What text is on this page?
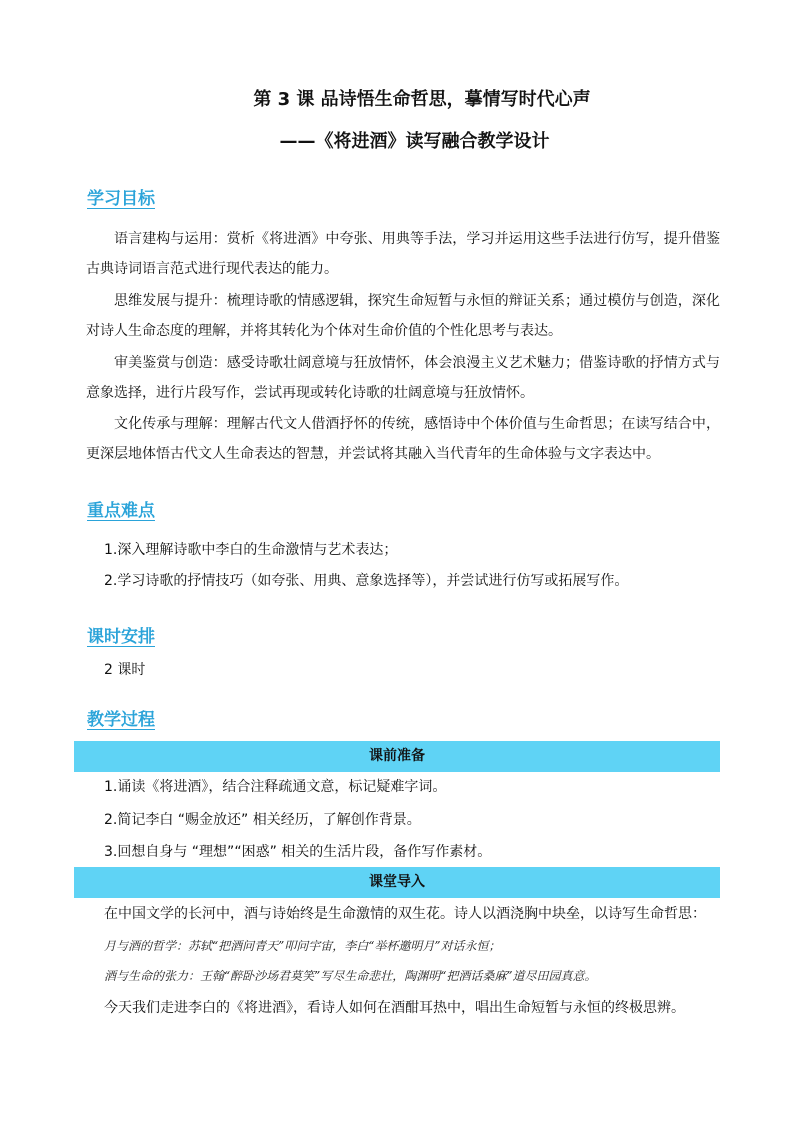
第 3 课 品诗悟生命哲思，摹情写时代心声
——《将进酒》读写融合教学设计
学习目标
语言建构与运用：赏析《将进酒》中夸张、用典等手法，学习并运用这些手法进行仿写，提升借鉴古典诗词语言范式进行现代表达的能力。
思维发展与提升：梳理诗歌的情感逻辑，探究生命短暂与永恒的辩证关系；通过模仿与创造，深化对诗人生命态度的理解，并将其转化为个体对生命价值的个性化思考与表达。
审美鉴赏与创造：感受诗歌壮阔意境与狂放情怀，体会浪漫主义艺术魅力；借鉴诗歌的抒情方式与意象选择，进行片段写作，尝试再现或转化诗歌的壮阔意境与狂放情怀。
文化传承与理解：理解古代文人借酒抒怀的传统，感悟诗中个体价值与生命哲思；在读写结合中，更深层地体悟古代文人生命表达的智慧，并尝试将其融入当代青年的生命体验与文字表达中。
重点难点
1.深入理解诗歌中李白的生命激情与艺术表达；
2.学习诗歌的抒情技巧（如夸张、用典、意象选择等），并尝试进行仿写或拓展写作。
课时安排
2 课时
教学过程
课前准备
1.诵读《将进酒》，结合注释疏通文意，标记疑难字词。
2.简记李白 “赐金放还” 相关经历，了解创作背景。
3.回想自身与 “理想”“困惑” 相关的生活片段，备作写作素材。
课堂导入
在中国文学的长河中，酒与诗始终是生命激情的双生花。诗人以酒浇胸中块垒，以诗写生命哲思：
月与酒的哲学：苏轼“把酒问青天”叩问宇宙，李白“举杯邀明月”对话永恒；
酒与生命的张力：王翰“醉卧沙场君莫笑”写尽生命悲壮，陶渊明“把酒话桑麻”道尽田园真意。
今天我们走进李白的《将进酒》，看诗人如何在酒酣耳热中，唱出生命短暂与永恒的终极思辨。
